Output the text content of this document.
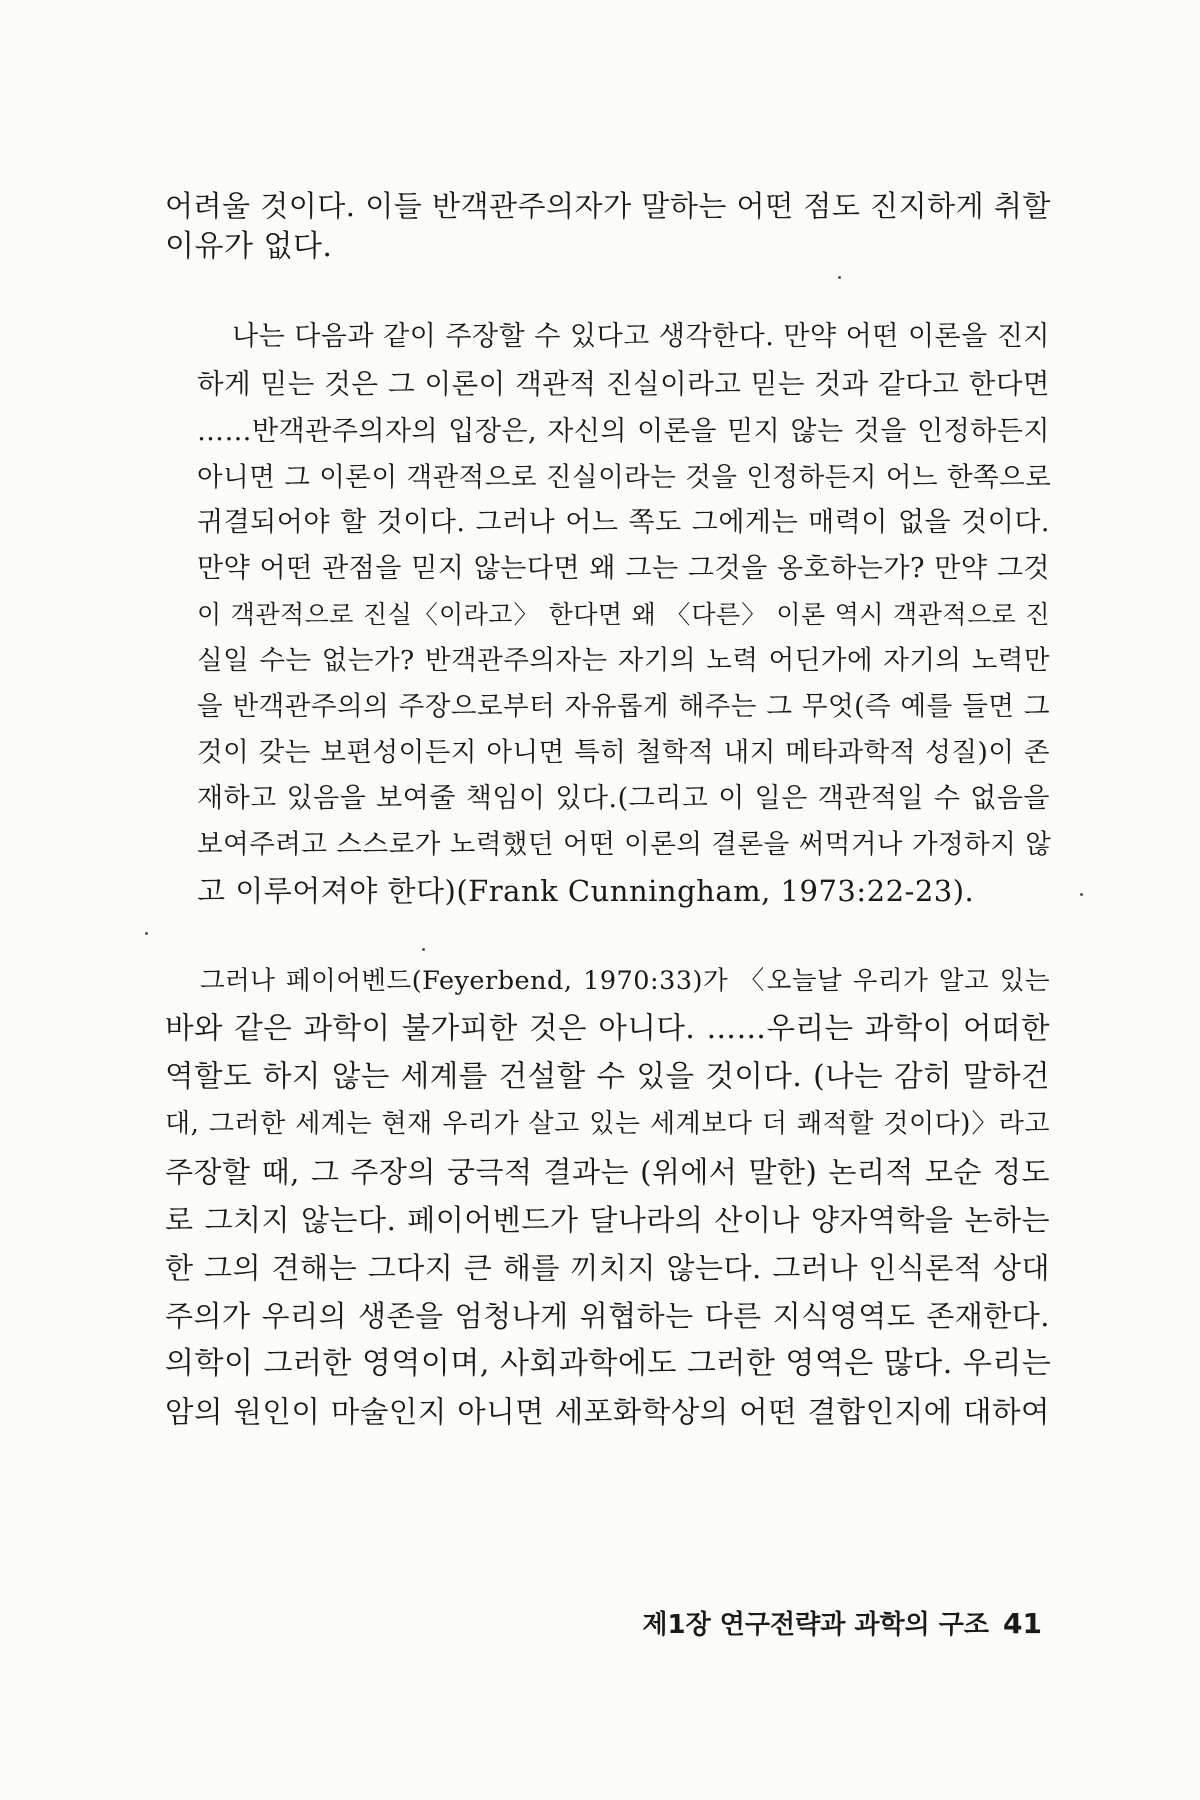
어려울 것이다. 이들 반객관주의자가 말하는 어떤 점도 진지하게 취할
이유가 없다.
나는 다음과 같이 주장할 수 있다고 생각한다. 만약 어떤 이론을 진지
하게 믿는 것은 그 이론이 객관적 진실이라고 믿는 것과 같다고 한다면
……반객관주의자의 입장은, 자신의 이론을 믿지 않는 것을 인정하든지
아니면 그 이론이 객관적으로 진실이라는 것을 인정하든지 어느 한쪽으로
귀결되어야 할 것이다. 그러나 어느 쪽도 그에게는 매력이 없을 것이다.
만약 어떤 관점을 믿지 않는다면 왜 그는 그것을 옹호하는가? 만약 그것
이 객관적으로 진실〈이라고〉 한다면 왜 〈다른〉 이론 역시 객관적으로 진
실일 수는 없는가? 반객관주의자는 자기의 노력 어딘가에 자기의 노력만
을 반객관주의의 주장으로부터 자유롭게 해주는 그 무엇(즉 예를 들면 그
것이 갖는 보편성이든지 아니면 특히 철학적 내지 메타과학적 성질)이 존
재하고 있음을 보여줄 책임이 있다.(그리고 이 일은 객관적일 수 없음을
보여주려고 스스로가 노력했던 어떤 이론의 결론을 써먹거나 가정하지 않
고 이루어져야 한다)(Frank Cunningham, 1973:22-23).
그러나 페이어벤드(Feyerbend, 1970:33)가 〈오늘날 우리가 알고 있는
바와 같은 과학이 불가피한 것은 아니다. ……우리는 과학이 어떠한
역할도 하지 않는 세계를 건설할 수 있을 것이다. (나는 감히 말하건
대, 그러한 세계는 현재 우리가 살고 있는 세계보다 더 쾌적할 것이다)〉라고
주장할 때, 그 주장의 궁극적 결과는 (위에서 말한) 논리적 모순 정도
로 그치지 않는다. 페이어벤드가 달나라의 산이나 양자역학을 논하는
한 그의 견해는 그다지 큰 해를 끼치지 않는다. 그러나 인식론적 상대
주의가 우리의 생존을 엄청나게 위협하는 다른 지식영역도 존재한다.
의학이 그러한 영역이며, 사회과학에도 그러한 영역은 많다. 우리는
암의 원인이 마술인지 아니면 세포화학상의 어떤 결합인지에 대하여
제1장 연구전략과 과학의 구조 41
